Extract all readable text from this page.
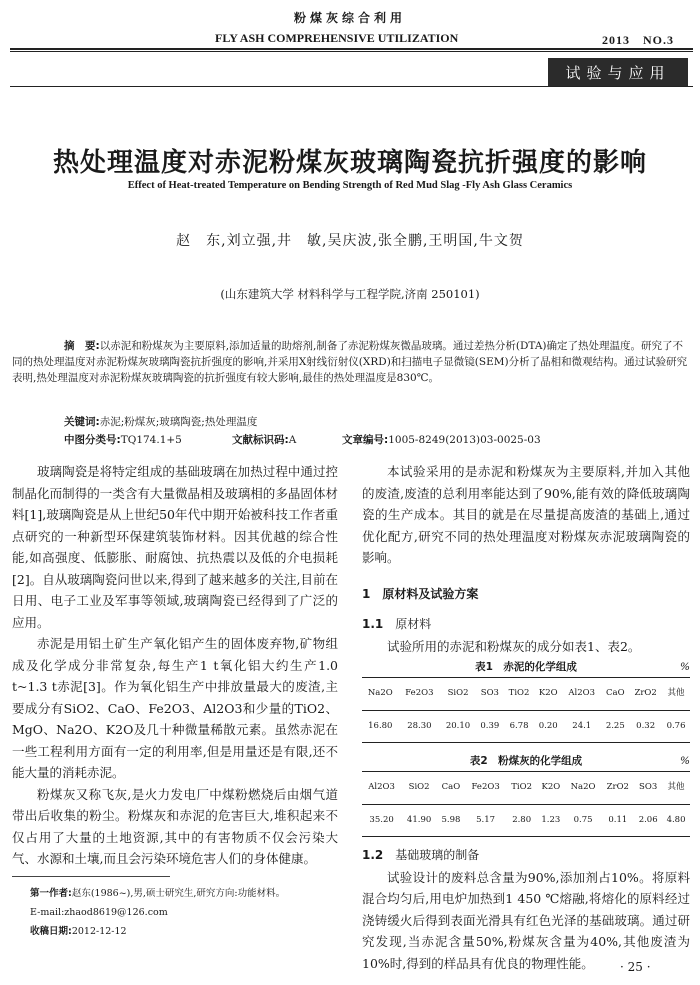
粉煤灰综合利用
FLY ASH COMPREHENSIVE UTILIZATION	2013　NO.3
试验与应用
热处理温度对赤泥粉煤灰玻璃陶瓷抗折强度的影响
Effect of Heat-treated Temperature on Bending Strength of Red Mud Slag -Fly Ash Glass Ceramics
赵　东,刘立强,井　敏,吴庆波,张全鹏,王明国,牛文贺
(山东建筑大学 材料科学与工程学院,济南 250101)
摘　要:以赤泥和粉煤灰为主要原料,添加适量的助熔剂,制备了赤泥粉煤灰微晶玻璃。通过差热分析(DTA)确定了热处理温度。研究了不同的热处理温度对赤泥粉煤灰玻璃陶瓷抗折强度的影响,并采用X射线衍射仪(XRD)和扫描电子显微镜(SEM)分析了晶相和微观结构。通过试验研究表明,热处理温度对赤泥粉煤灰玻璃陶瓷的抗折强度有较大影响,最佳的热处理温度是830℃。
关键词:赤泥;粉煤灰;玻璃陶瓷;热处理温度
中图分类号:TQ174.1+5	文献标识码:A	文章编号:1005-8249(2013)03-0025-03

玻璃陶瓷是将特定组成的基础玻璃在加热过程中通过控制晶化而制得的一类含有大量微晶相及玻璃相的多晶固体材料[1],玻璃陶瓷是从上世纪50年代中期开始被科技工作者重点研究的一种新型环保建筑装饰材料。因其优越的综合性能,如高强度、低膨胀、耐腐蚀、抗热震以及低的介电损耗[2]。自从玻璃陶瓷问世以来,得到了越来越多的关注,目前在日用、电子工业及军事等领域,玻璃陶瓷已经得到了广泛的应用。

赤泥是用铝土矿生产氧化铝产生的固体废弃物,矿物组成及化学成分非常复杂,每生产1 t氧化铝大约生产1.0 t~1.3 t赤泥[3]。作为氧化铝生产中排放量最大的废渣,主要成分有SiO2、CaO、Fe2O3、Al2O3和少量的TiO2、MgO、Na2O、K2O及几十种微量稀散元素。虽然赤泥在一些工程利用方面有一定的利用率,但是用量还是有限,还不能大量的消耗赤泥。

粉煤灰又称飞灰,是火力发电厂中煤粉燃烧后由烟气道带出后收集的粉尘。粉煤灰和赤泥的危害巨大,堆积起来不仅占用了大量的土地资源,其中的有害物质不仅会污染大气、水源和土壤,而且会污染环境危害人们的身体健康。

本试验采用的是赤泥和粉煤灰为主要原料,并加入其他的废渣,废渣的总利用率能达到了90%,能有效的降低玻璃陶瓷的生产成本。其目的就是在尽量提高废渣的基础上,通过优化配方,研究不同的热处理温度对粉煤灰赤泥玻璃陶瓷的影响。

1　原材料及试验方案

1.1　 原材料

试验所用的赤泥和粉煤灰的成分如表1、表2。

表1　赤泥的化学组成	%
Na2O	Fe2O3	SiO2	SO3	TiO2	K2O	Al2O3	CaO	ZrO2	其他
16.80	28.30	20.10	0.39	6.78	0.20	24.1	2.25	0.32	0.76
表2　粉煤灰的化学组成	%
Al2O3	SiO2	CaO	Fe2O3	TiO2	K2O	Na2O	ZrO2	SO3	其他
35.20	41.90	5.98	5.17	2.80	1.23	0.75	0.11	2.06	4.80

1.2　 基础玻璃的制备

试验设计的废料总含量为90%,添加剂占10%。将原料混合均匀后,用电炉加热到1 450 ℃熔融,将熔化的原料经过浇铸缓火后得到表面光滑具有红色光泽的基础玻璃。通过研究发现,当赤泥含量50%,粉煤灰含量为40%,其他废渣为10%时,得到的样品具有优良的物理性能。

第一作者:赵东(1986~),男,硕士研究生,研究方向:功能材料。
E-mail:zhaod8619@126.com
收稿日期:2012-12-12
· 25 ·
